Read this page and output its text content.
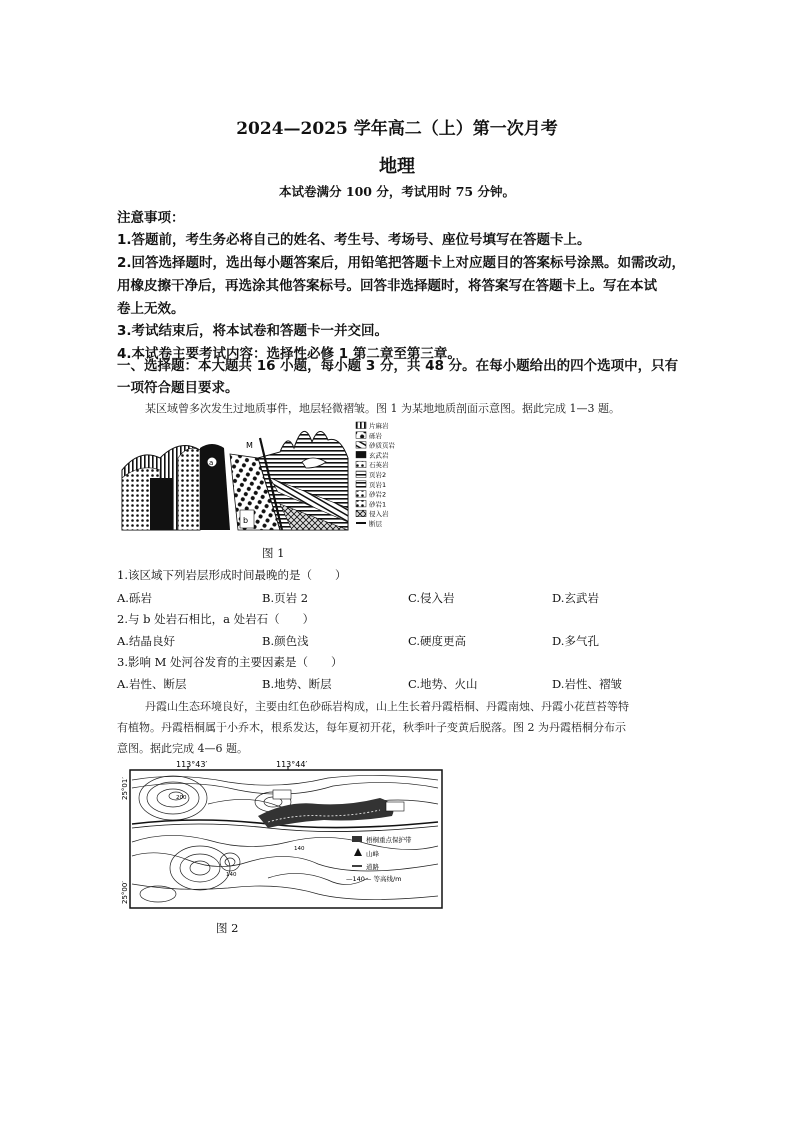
2024—2025 学年高二（上）第一次月考
地理
本试卷满分 100 分，考试用时 75 分钟。
注意事项：
1.答题前，考生务必将自己的姓名、考生号、考场号、座位号填写在答题卡上。
2.回答选择题时，选出每小题答案后，用铅笔把答题卡上对应题目的答案标号涂黑。如需改动，
用橡皮擦干净后，再选涂其他答案标号。回答非选择题时，将答案写在答题卡上。写在本试
卷上无效。
3.考试结束后，将本试卷和答题卡一并交回。
4.本试卷主要考试内容：选择性必修 1 第二章至第三章。
一、选择题：本大题共 16 小题，每小题 3 分，共 48 分。在每小题给出的四个选项中，只有
一项符合题目要求。
某区域曾多次发生过地质事件，地层轻微褶皱。图 1 为某地地质剖面示意图。据此完成 1—3 题。
a
b
M
片麻岩
砾岩
砂质页岩
玄武岩
石英岩
页岩2
页岩1
砂岩2
砂岩1
侵入岩
断层
图 1
1.该区域下列岩层形成时间最晚的是（　　）
A.砾岩	B.页岩 2	C.侵入岩	D.玄武岩
2.与 b 处岩石相比，a 处岩石（　　）
A.结晶良好	B.颜色浅	C.硬度更高	D.多气孔
3.影响 M 处河谷发育的主要因素是（　　）
A.岩性、断层	B.地势、断层	C.地势、火山	D.岩性、褶皱
丹霞山生态环境良好，主要由红色砂砾岩构成，山上生长着丹霞梧桐、丹霞南烛、丹霞小花苣苔等特
有植物。丹霞梧桐属于小乔木，根系发达，每年夏初开花，秋季叶子变黄后脱落。图 2 为丹霞梧桐分布示
意图。据此完成 4—6 题。
113°43′	113°44′
25°01′
25°00′
200
140
140
梧桐重点保护带
山峰
道路
—140— 等高线/m
图 2
